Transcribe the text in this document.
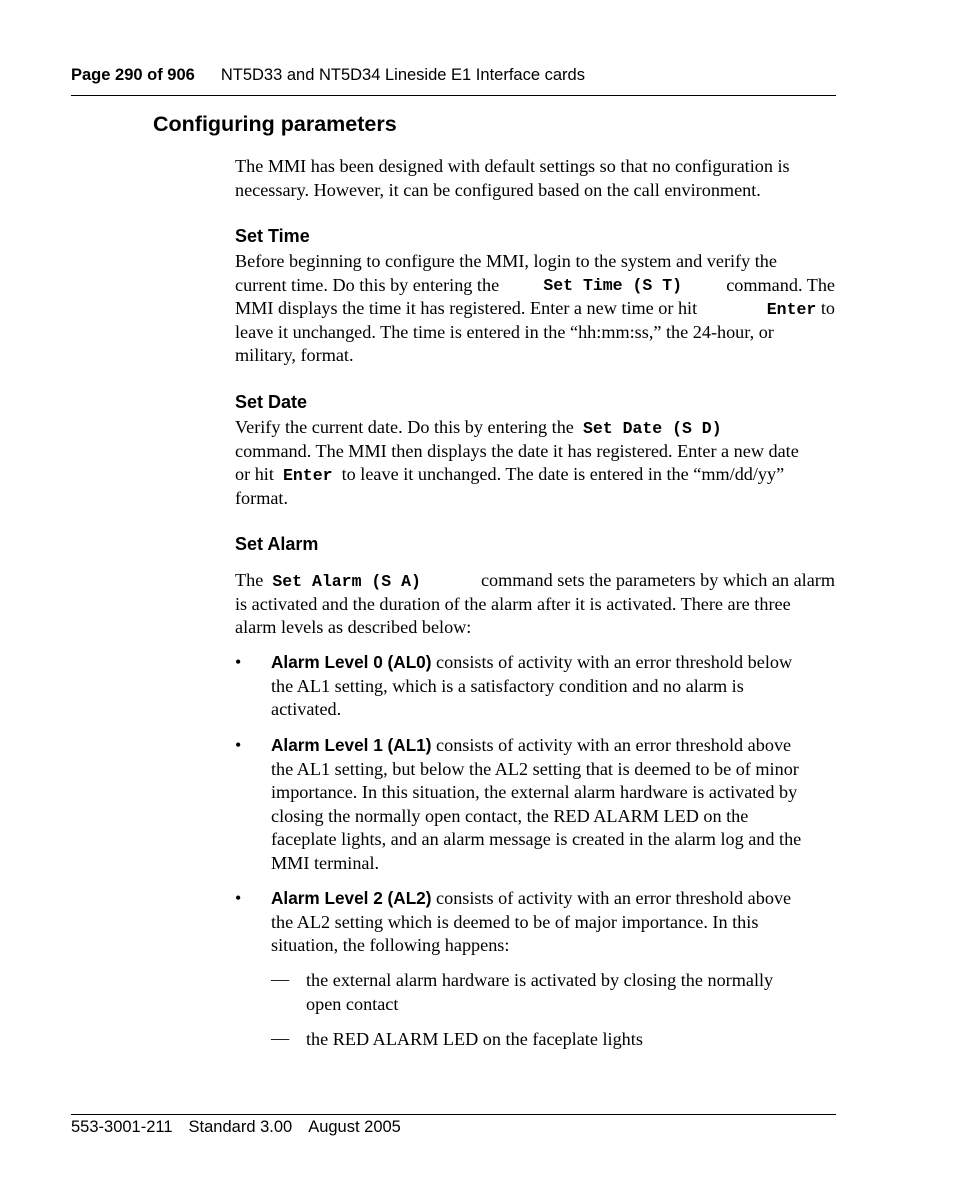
Page 290 of 906 NT5D33 and NT5D34 Lineside E1 Interface cards
Configuring parameters
The MMI has been designed with default settings so that no configuration is
necessary. However, it can be configured based on the call environment.
Set Time
Before beginning to configure the MMI, login to the system and verify the
current time. Do this by entering the	Set Time (S T) command. The
MMI displays the time it has registered. Enter a new time or hit	Enter to
leave it unchanged. The time is entered in the “hh:mm:ss,” the 24-hour, or
military, format.
Set Date
Verify the current date. Do this by entering the Set Date (S D)
command. The MMI then displays the date it has registered. Enter a new date
or hit Enter to leave it unchanged. The date is entered in the “mm/dd/yy”
format.
Set Alarm
The Set Alarm (S A)	command sets the parameters by which an alarm
is activated and the duration of the alarm after it is activated. There are three
alarm levels as described below:
• Alarm Level 0 (AL0) consists of activity with an error threshold below
the AL1 setting, which is a satisfactory condition and no alarm is
activated.
• Alarm Level 1 (AL1) consists of activity with an error threshold above
the AL1 setting, but below the AL2 setting that is deemed to be of minor
importance. In this situation, the external alarm hardware is activated by
closing the normally open contact, the RED ALARM LED on the
faceplate lights, and an alarm message is created in the alarm log and the
MMI terminal.
• Alarm Level 2 (AL2) consists of activity with an error threshold above
the AL2 setting which is deemed to be of major importance. In this
situation, the following happens:
— the external alarm hardware is activated by closing the normally
open contact
— the RED ALARM LED on the faceplate lights
553-3001-211 Standard 3.00 August 2005
